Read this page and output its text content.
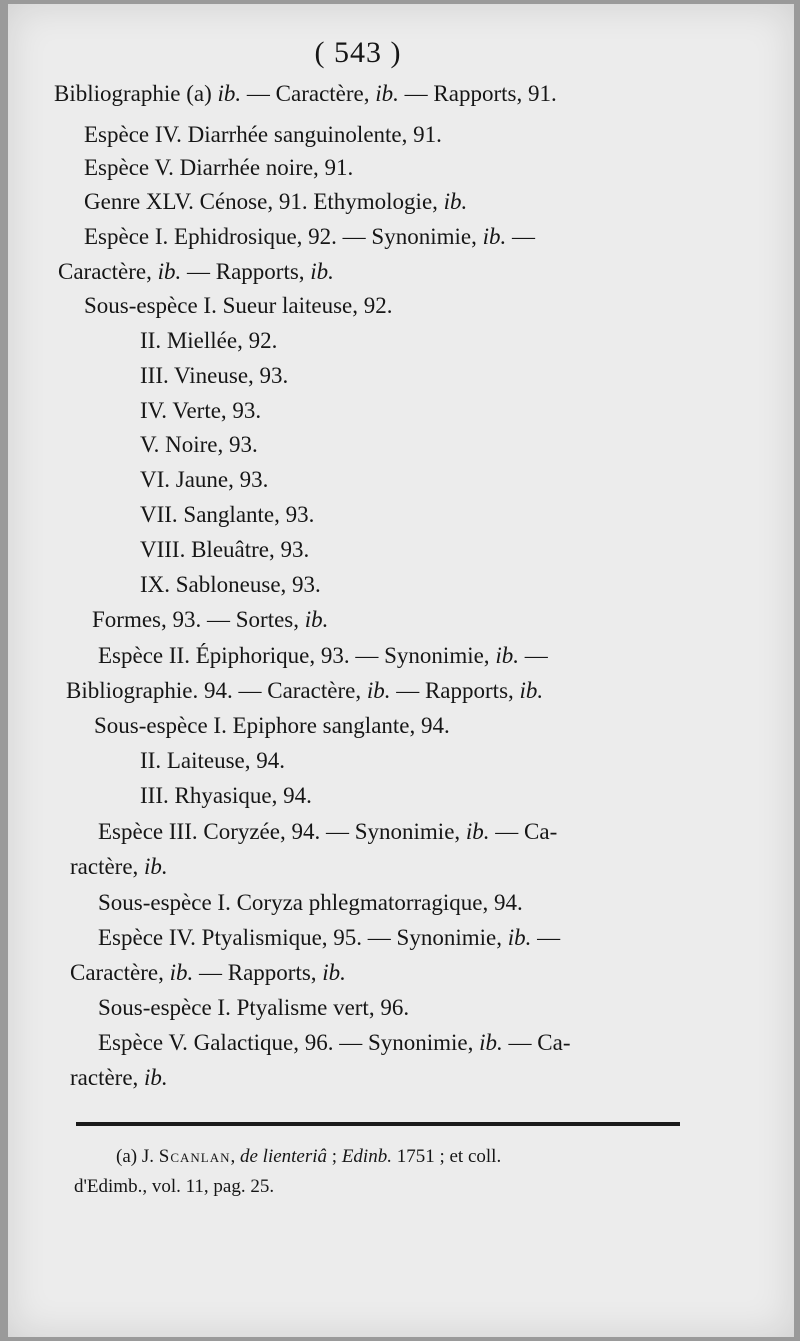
( 543 )
Bibliographie (a) ib. — Caractère, ib. — Rapports, 91.
Espèce IV. Diarrhée sanguinolente, 91.
Espèce V. Diarrhée noire, 91.
Genre XLV. Cénose, 91. Ethymologie, ib.
Espèce I. Ephidrosique, 92. — Synonimie, ib. —
Caractère, ib. — Rapports, ib.
Sous-espèce I. Sueur laiteuse, 92.
II. Miellée, 92.
III. Vineuse, 93.
IV. Verte, 93.
V. Noire, 93.
VI. Jaune, 93.
VII. Sanglante, 93.
VIII. Bleuâtre, 93.
IX. Sabloneuse, 93.
Formes, 93. — Sortes, ib.
Espèce II. Épiphorique, 93. — Synonimie, ib. —
Bibliographie. 94. — Caractère, ib. — Rapports, ib.
Sous-espèce I. Epiphore sanglante, 94.
II. Laiteuse, 94.
III. Rhyasique, 94.
Espèce III. Coryzée, 94. — Synonimie, ib. — Ca-
ractère, ib.
Sous-espèce I. Coryza phlegmatorragique, 94.
Espèce IV. Ptyalismique, 95. — Synonimie, ib. —
Caractère, ib. — Rapports, ib.
Sous-espèce I. Ptyalisme vert, 96.
Espèce V. Galactique, 96. — Synonimie, ib. — Ca-
ractère, ib.
(a) J. Scanlan, de lienteriâ ; Edinb. 1751 ; et coll.
d'Edimb., vol. 11, pag. 25.
